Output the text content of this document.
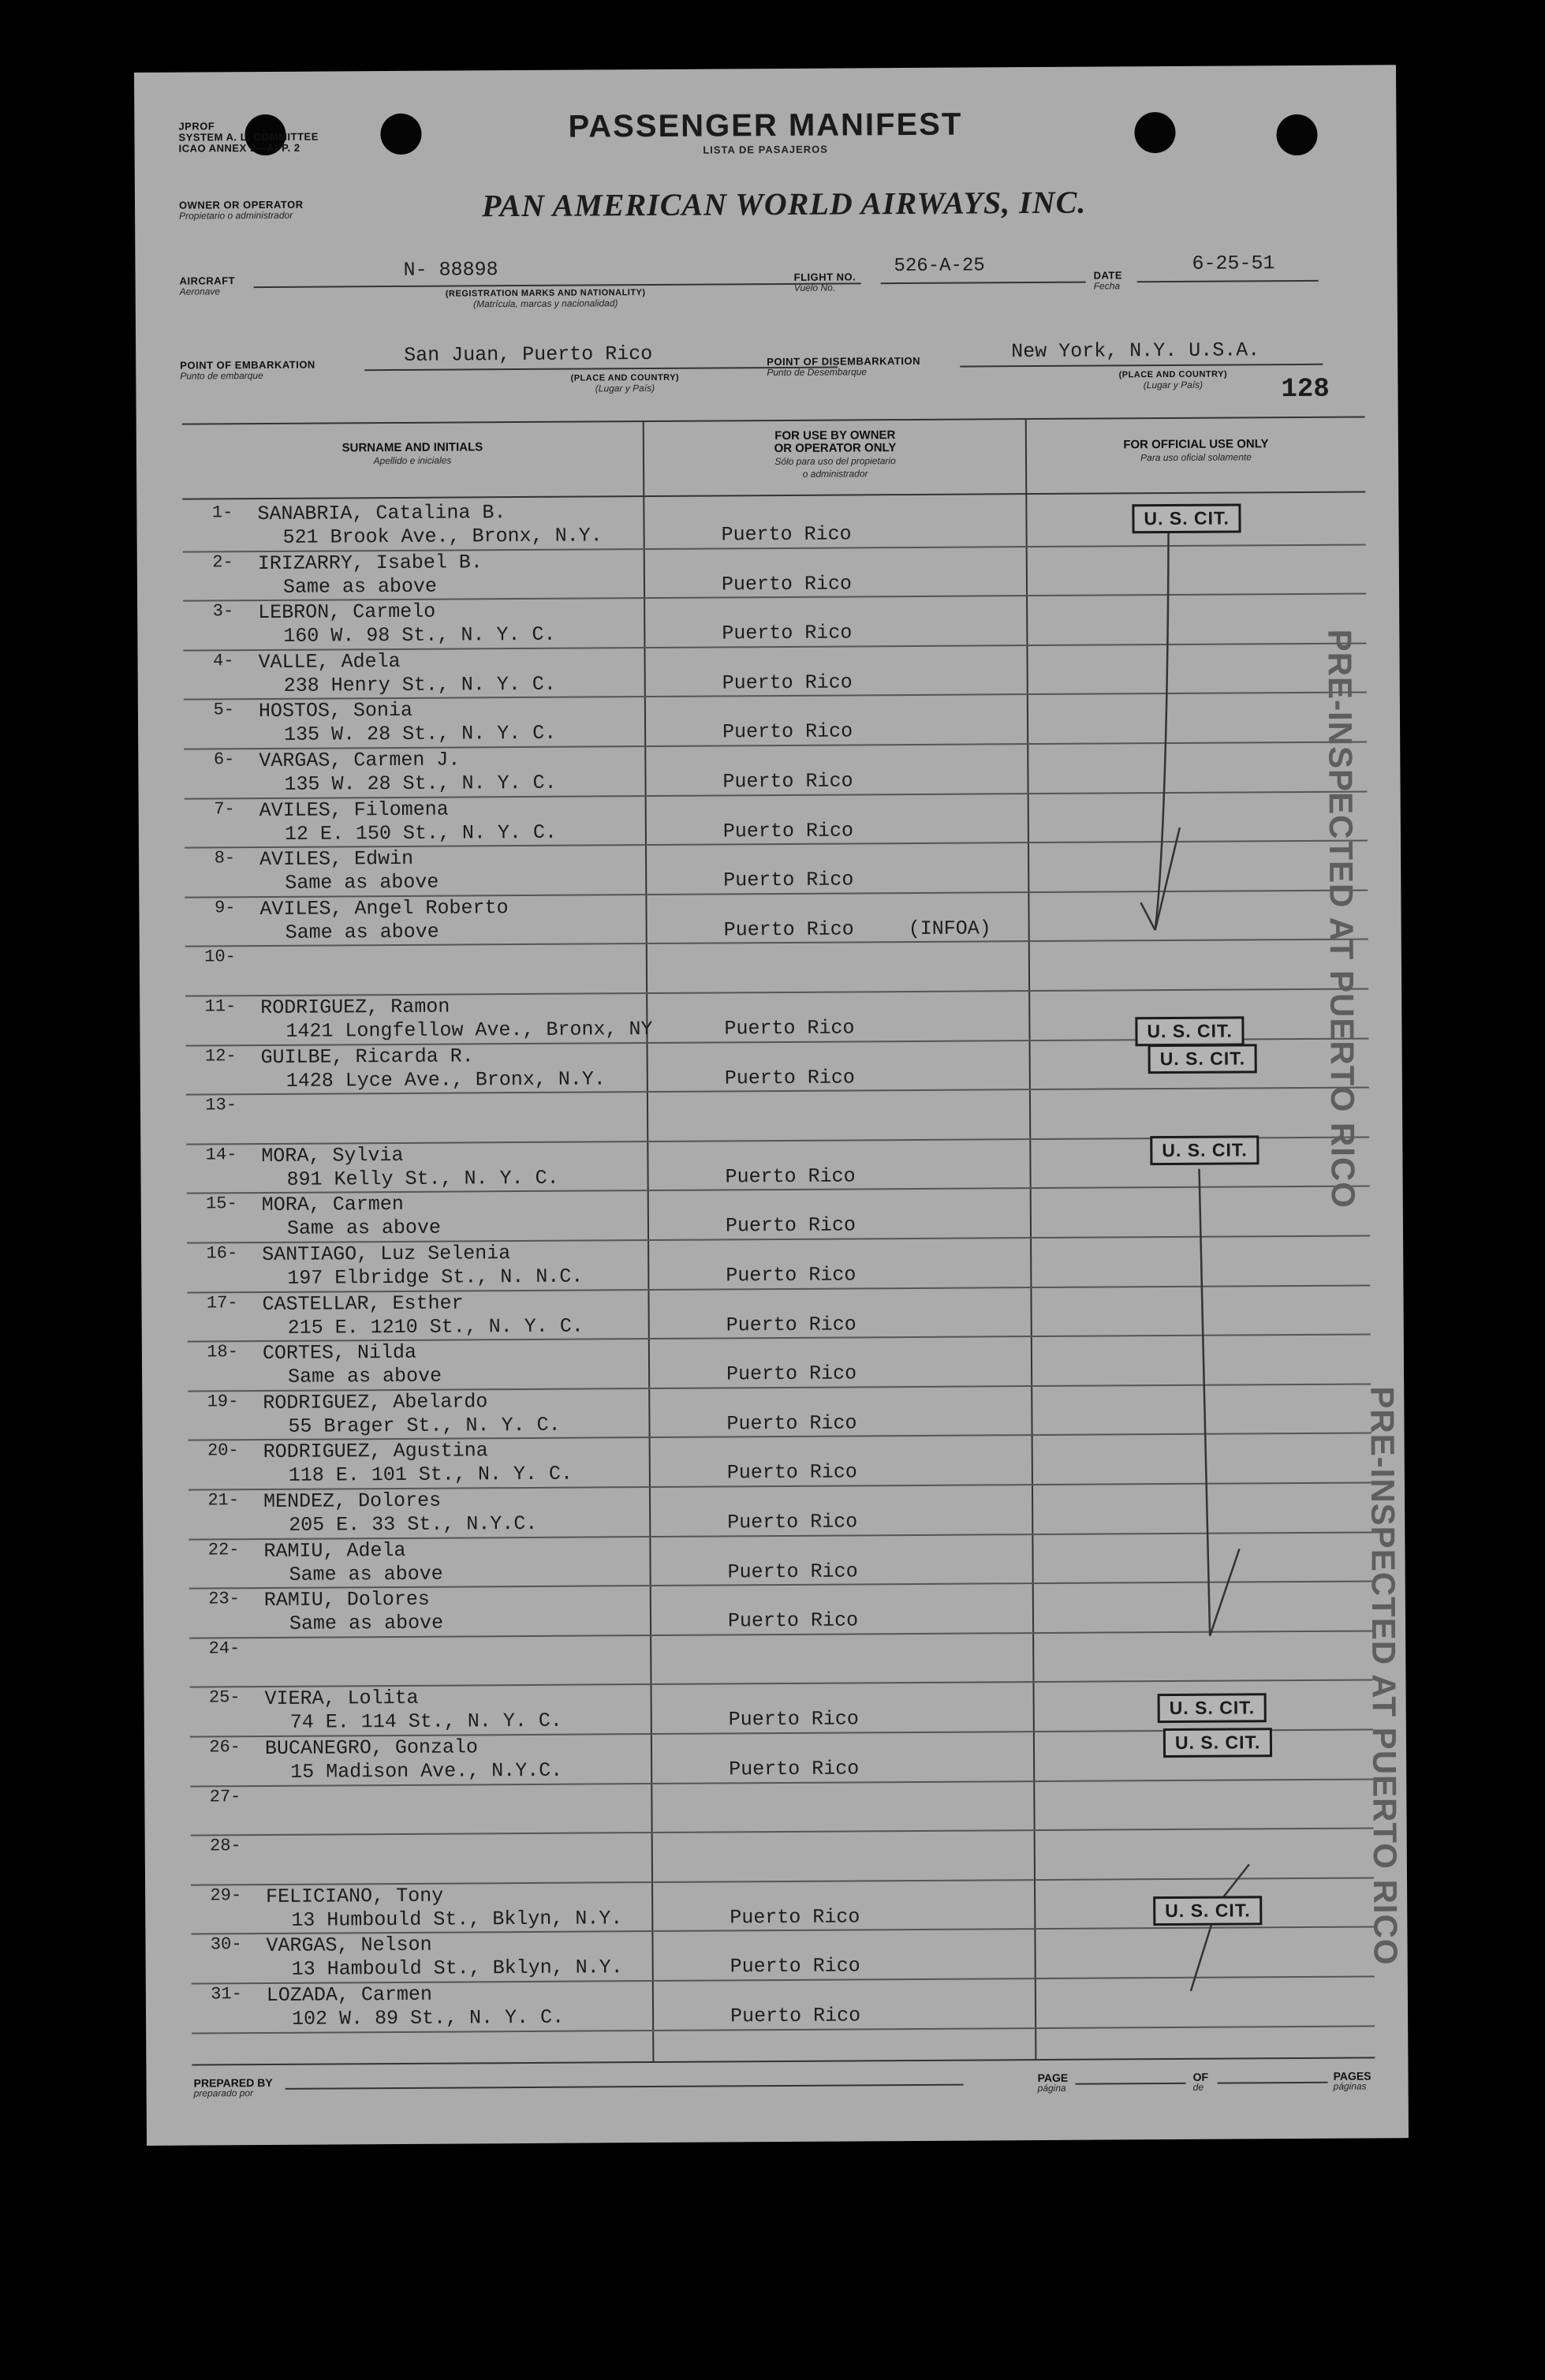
JPROF
SYSTEM A. L. COMMITTEE
ICAO ANNEX 9—APP. 2
PASSENGER MANIFEST
LISTA DE PASAJEROS
OWNER OR OPERATOR
Propietario o administrador	PAN AMERICAN WORLD AIRWAYS, INC.
AIRCRAFT
Aeronave
N- 88898
(REGISTRATION MARKS AND NATIONALITY)
(Matrícula, marcas y nacionalidad)
FLIGHT NO.
Vuelo No.
526-A-25	DATE
Fecha
6-25-51
POINT OF EMBARKATION
Punto de embarque
San Juan, Puerto Rico
(PLACE AND COUNTRY)
(Lugar y País)
POINT OF DISEMBARKATION
Punto de Desembarque
New York, N.Y. U.S.A.
(PLACE AND COUNTRY)
(Lugar y País)	128
SURNAME AND INITIALS
Apellido e iniciales
FOR USE BY OWNER
OR OPERATOR ONLY
Sólo para uso del propietario
o administrador
FOR OFFICIAL USE ONLY
Para uso oficial solamente
1- SANABRIA, Catalina B.
521 Brook Ave., Bronx, N.Y.	Puerto Rico
2- IRIZARRY, Isabel B.
Same as above	Puerto Rico
3- LEBRON, Carmelo
160 W. 98 St., N. Y. C.	Puerto Rico
4- VALLE, Adela
238 Henry St., N. Y. C.	Puerto Rico
5- HOSTOS, Sonia
135 W. 28 St., N. Y. C.	Puerto Rico
6- VARGAS, Carmen J.
135 W. 28 St., N. Y. C.	Puerto Rico
7- AVILES, Filomena
12 E. 150 St., N. Y. C.	Puerto Rico
8- AVILES, Edwin
Same as above	Puerto Rico
9- AVILES, Angel Roberto
Same as above	Puerto Rico	(INFOA)
10-
11- RODRIGUEZ, Ramon
1421 Longfellow Ave., Bronx, NY	Puerto Rico
12- GUILBE, Ricarda R.
1428 Lyce Ave., Bronx, N.Y.	Puerto Rico
13-
14- MORA, Sylvia
891 Kelly St., N. Y. C.	Puerto Rico
15- MORA, Carmen
Same as above	Puerto Rico
16- SANTIAGO, Luz Selenia
197 Elbridge St., N. N.C.	Puerto Rico
17- CASTELLAR, Esther
215 E. 1210 St., N. Y. C.	Puerto Rico
18- CORTES, Nilda
Same as above	Puerto Rico
19- RODRIGUEZ, Abelardo
55 Brager St., N. Y. C.	Puerto Rico
20- RODRIGUEZ, Agustina
118 E. 101 St., N. Y. C.	Puerto Rico
21- MENDEZ, Dolores
205 E. 33 St., N.Y.C.	Puerto Rico
22- RAMIU, Adela
Same as above	Puerto Rico
23- RAMIU, Dolores
Same as above	Puerto Rico
24-
25- VIERA, Lolita
74 E. 114 St., N. Y. C.	Puerto Rico
26- BUCANEGRO, Gonzalo
15 Madison Ave., N.Y.C.	Puerto Rico
27-
28-
29- FELICIANO, Tony
13 Humbould St., Bklyn, N.Y.	Puerto Rico
30- VARGAS, Nelson
13 Hambould St., Bklyn, N.Y.	Puerto Rico
31- LOZADA, Carmen
102 W. 89 St., N. Y. C.	Puerto Rico
U. S. CIT.
U. S. CIT.
U. S. CIT.
U. S. CIT.
U. S. CIT.
U. S. CIT.
U. S. CIT.
PRE-INSPECTED AT PUERTO RICO
PRE-INSPECTED AT PUERTO RICO
PREPARED BY
preparado por
PAGE
página
OF
de
PAGES
páginas
